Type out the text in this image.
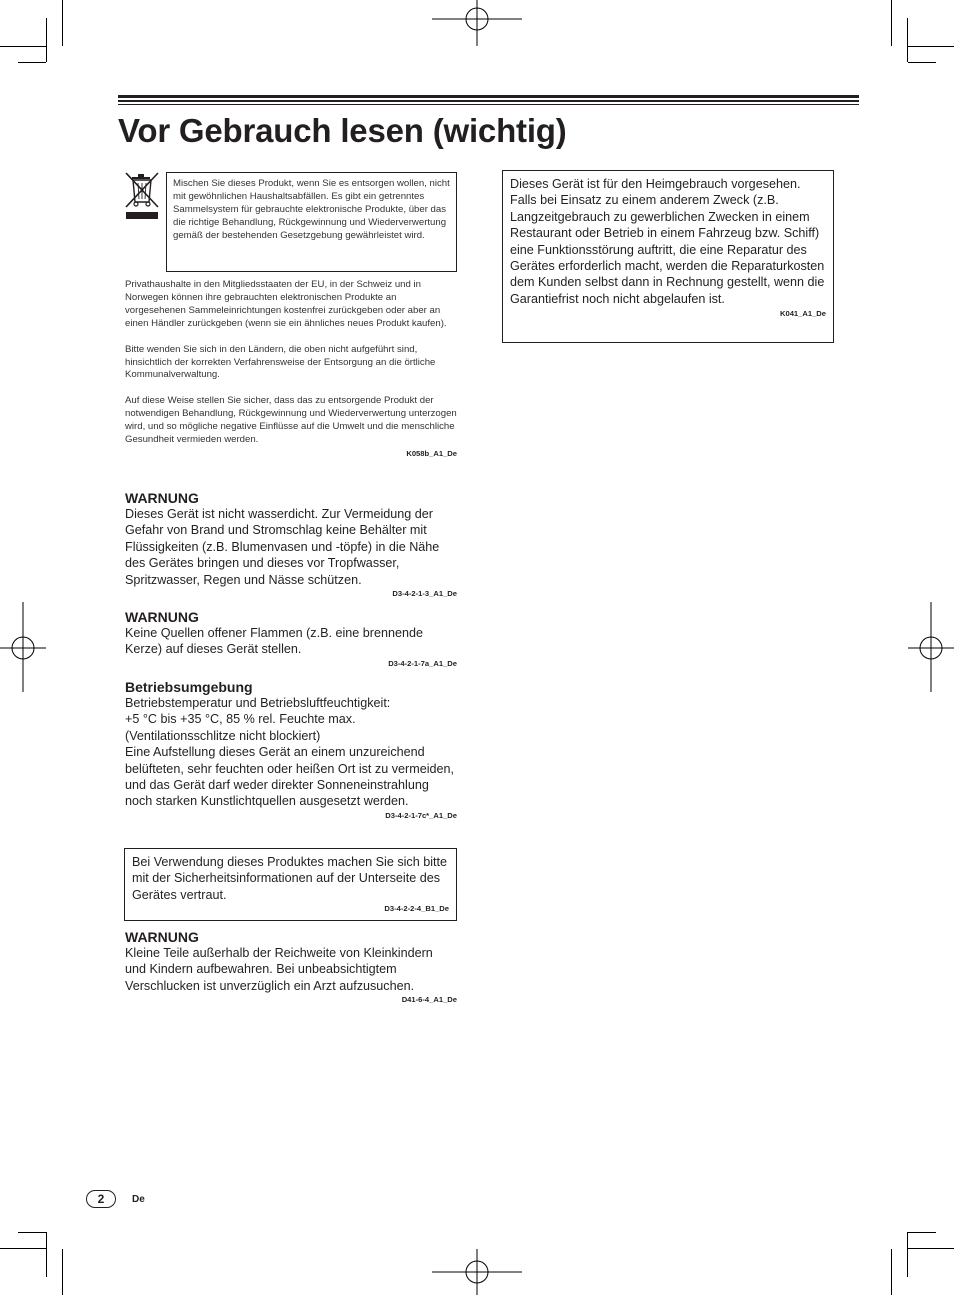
Vor Gebrauch lesen (wichtig)

Mischen Sie dieses Produkt, wenn Sie es entsorgen wollen, nicht mit gewöhnlichen Haushaltsabfällen. Es gibt ein getrenntes Sammelsystem für gebrauchte elektronische Produkte, über das die richtige Behandlung, Rückgewinnung und Wiederverwertung gemäß der bestehenden Gesetzgebung gewährleistet wird.

Privathaushalte in den Mitgliedsstaaten der EU, in der Schweiz und in Norwegen können ihre gebrauchten elektronischen Produkte an vorgesehenen Sammeleinrichtungen kostenfrei zurückgeben oder aber an einen Händler zurückgeben (wenn sie ein ähnliches neues Produkt kaufen).

Bitte wenden Sie sich in den Ländern, die oben nicht aufgeführt sind, hinsichtlich der korrekten Verfahrensweise der Entsorgung an die örtliche Kommunalverwaltung.

Auf diese Weise stellen Sie sicher, dass das zu entsorgende Produkt der notwendigen Behandlung, Rückgewinnung und Wiederverwertung unterzogen wird, und so mögliche negative Einflüsse auf die Umwelt und die menschliche Gesundheit vermieden werden.

K058b_A1_De

WARNUNG

Dieses Gerät ist nicht wasserdicht. Zur Vermeidung der Gefahr von Brand und Stromschlag keine Behälter mit Flüssigkeiten (z.B. Blumenvasen und -töpfe) in die Nähe des Gerätes bringen und dieses vor Tropfwasser, Spritzwasser, Regen und Nässe schützen.

D3-4-2-1-3_A1_De

WARNUNG

Keine Quellen offener Flammen (z.B. eine brennende Kerze) auf dieses Gerät stellen.

D3-4-2-1-7a_A1_De

Betriebsumgebung

Betriebstemperatur und Betriebsluftfeuchtigkeit:

+5 °C bis +35 °C, 85 % rel. Feuchte max.

(Ventilationsschlitze nicht blockiert)

Eine Aufstellung dieses Gerät an einem unzureichend belüfteten, sehr feuchten oder heißen Ort ist zu vermeiden, und das Gerät darf weder direkter Sonneneinstrahlung noch starken Kunstlichtquellen ausgesetzt werden.

D3-4-2-1-7c*_A1_De

Bei Verwendung dieses Produktes machen Sie sich bitte mit der Sicherheitsinformationen auf der Unterseite des Gerätes vertraut.

D3-4-2-2-4_B1_De

WARNUNG

Kleine Teile außerhalb der Reichweite von Kleinkindern und Kindern aufbewahren. Bei unbeabsichtigtem Verschlucken ist unverzüglich ein Arzt aufzusuchen.

D41-6-4_A1_De

Dieses Gerät ist für den Heimgebrauch vorgesehen. Falls bei Einsatz zu einem anderem Zweck (z.B. Langzeitgebrauch zu gewerblichen Zwecken in einem Restaurant oder Betrieb in einem Fahrzeug bzw. Schiff) eine Funktionsstörung auftritt, die eine Reparatur des Gerätes erforderlich macht, werden die Reparaturkosten dem Kunden selbst dann in Rechnung gestellt, wenn die Garantiefrist noch nicht abgelaufen ist.

K041_A1_De

2	De
